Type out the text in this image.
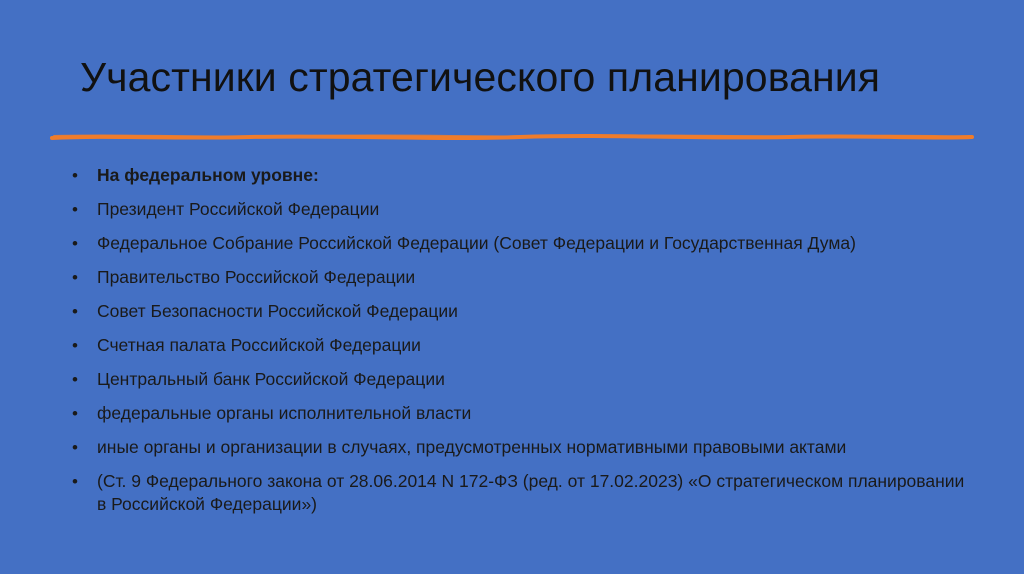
Участники стратегического планирования
• На федеральном уровне:
• Президент Российской Федерации
• Федеральное Собрание Российской Федерации (Совет Федерации и Государственная Дума)
• Правительство Российской Федерации
• Совет Безопасности Российской Федерации
• Счетная палата Российской Федерации
• Центральный банк Российской Федерации
• федеральные органы исполнительной власти
• иные органы и организации в случаях, предусмотренных нормативными правовыми актами
• (Ст. 9 Федерального закона от 28.06.2014 N 172-ФЗ (ред. от 17.02.2023) «О стратегическом планировании в Российской Федерации»)
